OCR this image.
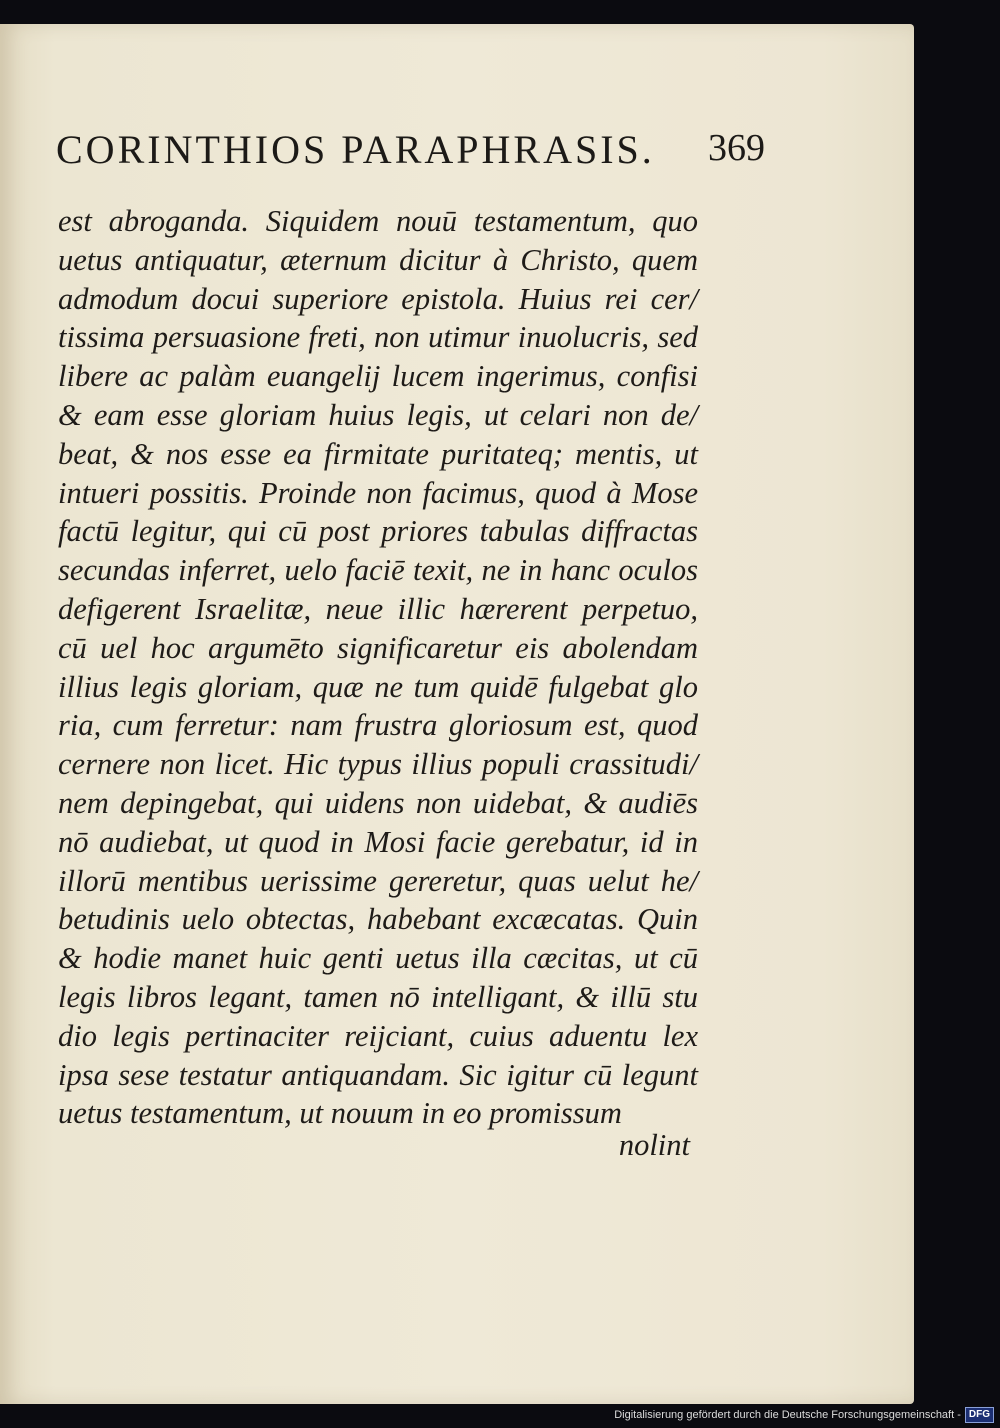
CORINTHIOS PARAPHRASIS. 369
est abroganda. Siquidem nouū testamentum, quo
uetus antiquatur, æternum dicitur à Christo, quem
admodum docui superiore epistola. Huius rei cer/
tissima persuasione freti, non utimur inuolucris, sed
libere ac palàm euangelij lucem ingerimus, confisi
& eam esse gloriam huius legis, ut celari non de/
beat, & nos esse ea firmitate puritateq; mentis, ut
intueri possitis. Proinde non facimus, quod à Mose
factū legitur, qui cū post priores tabulas diffractas
secundas inferret, uelo faciē texit, ne in hanc oculos
defigerent Israelitæ, neue illic hærerent perpetuo,
cū uel hoc argumēto significaretur eis abolendam
illius legis gloriam, quæ ne tum quidē fulgebat glo
ria, cum ferretur: nam frustra gloriosum est, quod
cernere non licet. Hic typus illius populi crassitudi/
nem depingebat, qui uidens non uidebat, & audiēs
nō audiebat, ut quod in Mosi facie gerebatur, id in
illorū mentibus uerissime gereretur, quas uelut he/
betudinis uelo obtectas, habebant excæcatas. Quin
& hodie manet huic genti uetus illa cæcitas, ut cū
legis libros legant, tamen nō intelligant, & illū stu
dio legis pertinaciter reijciant, cuius aduentu lex
ipsa sese testatur antiquandam. Sic igitur cū legunt
uetus testamentum, ut nouum in eo promissum
nolint
Digitalisierung gefördert durch die Deutsche Forschungsgemeinschaft - DFG
